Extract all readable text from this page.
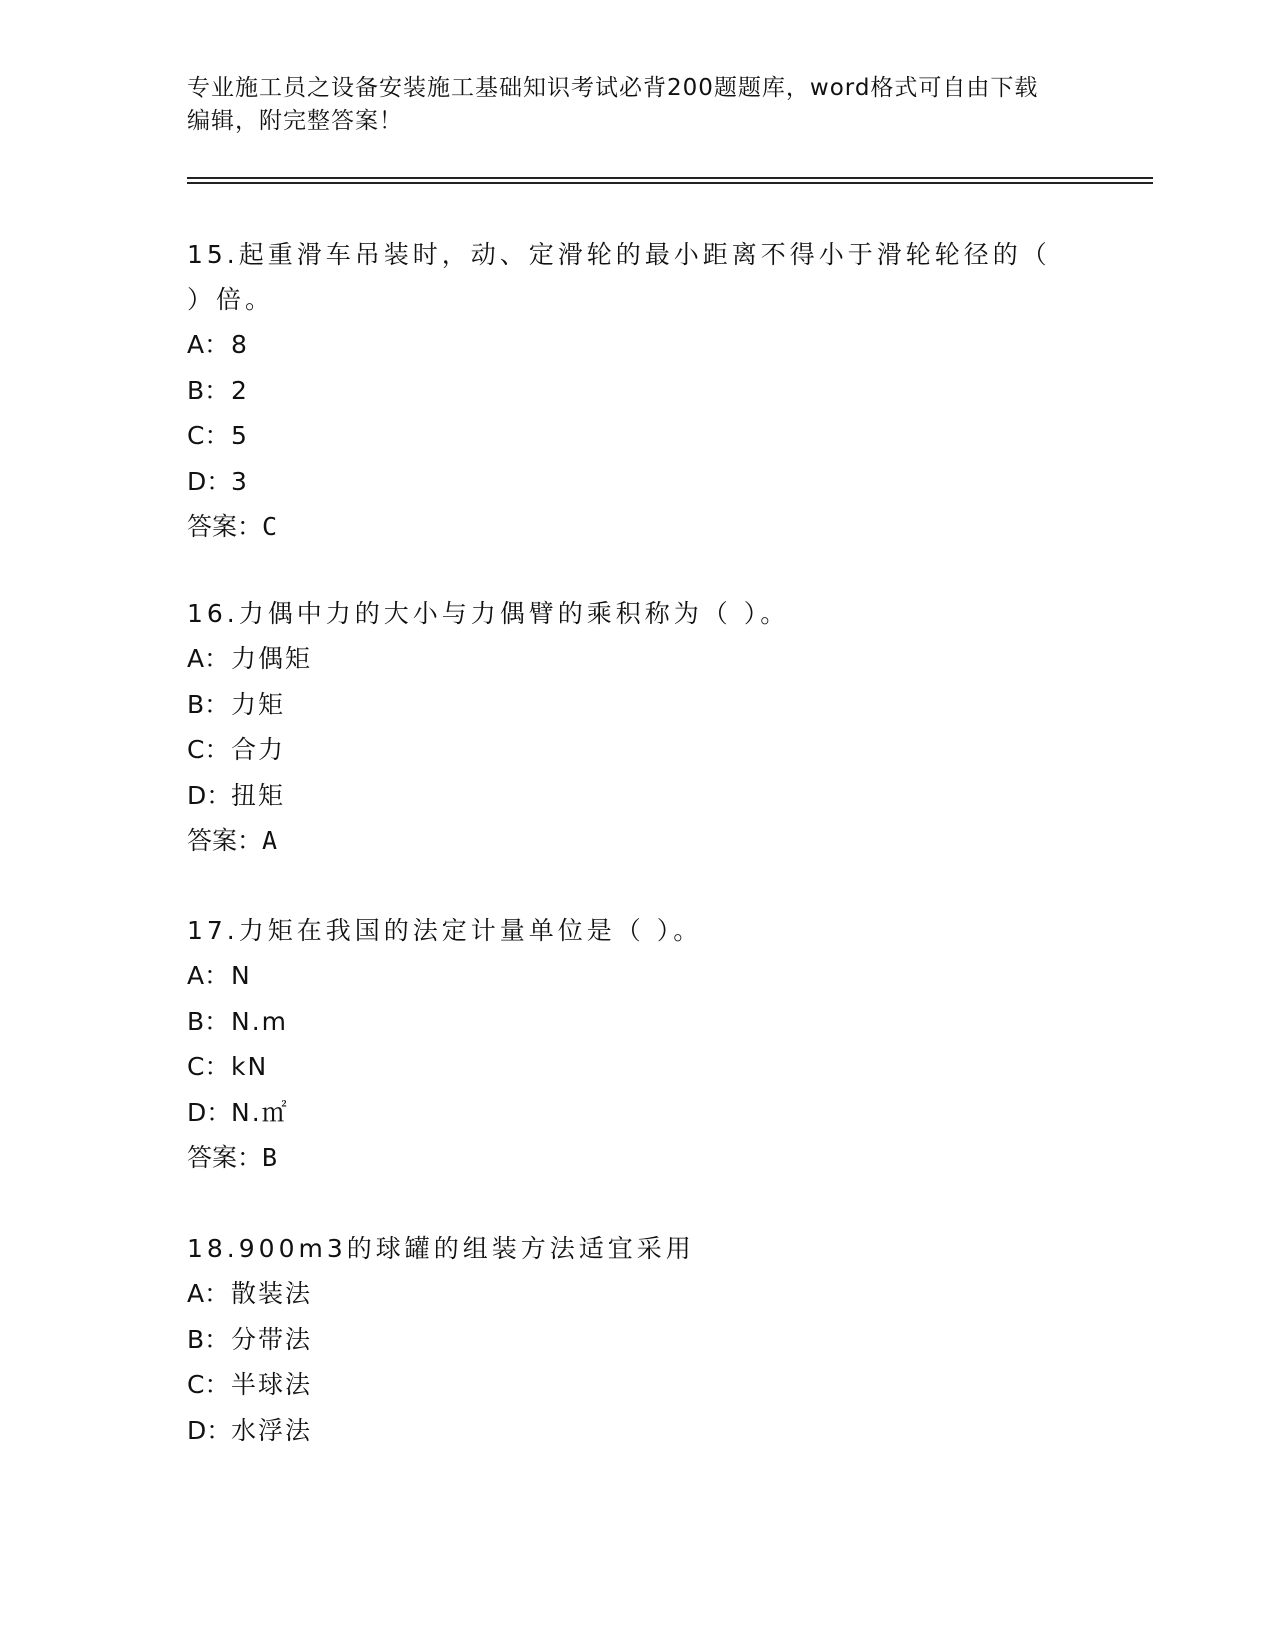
专业施工员之设备安装施工基础知识考试必背200题题库，word格式可自由下载
编辑，附完整答案！

15.起重滑车吊装时，动、定滑轮的最小距离不得小于滑轮轮径的（

）倍。

A：8

B：2

C：5

D：3

答案：C

16.力偶中力的大小与力偶臂的乘积称为（ ）。

A：力偶矩

B：力矩

C：合力

D：扭矩

答案：A

17.力矩在我国的法定计量单位是（ ）。

A：N

B：N.m

C：kN

D：N.㎡

答案：B

18.900m3的球罐的组装方法适宜采用

A：散装法

B：分带法

C：半球法

D：水浮法
